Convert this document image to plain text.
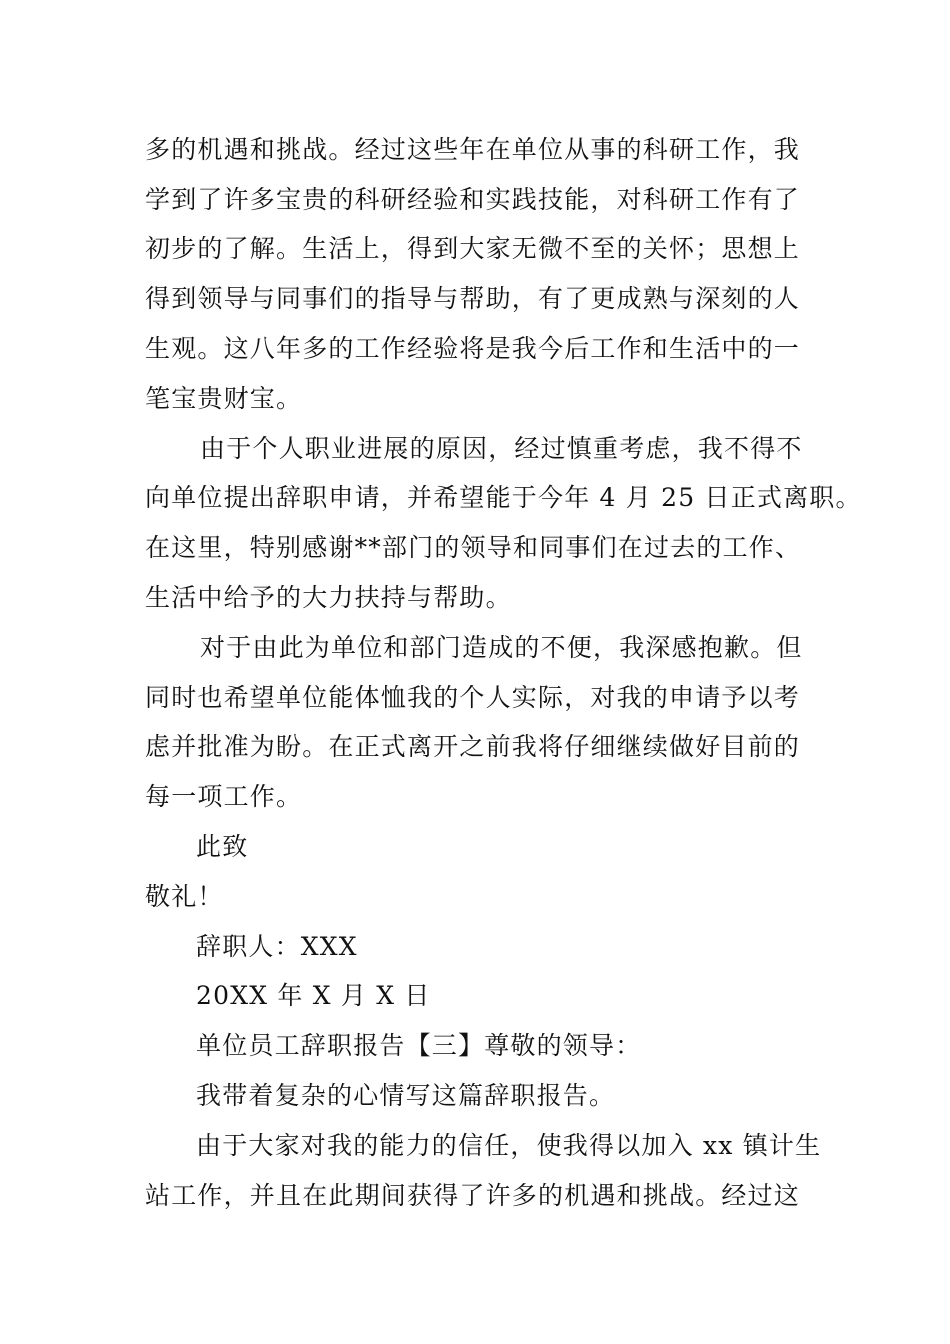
多的机遇和挑战。经过这些年在单位从事的科研工作，我

学到了许多宝贵的科研经验和实践技能，对科研工作有了

初步的了解。生活上，得到大家无微不至的关怀；思想上

得到领导与同事们的指导与帮助，有了更成熟与深刻的人

生观。这八年多的工作经验将是我今后工作和生活中的一

笔宝贵财宝。

由于个人职业进展的原因，经过慎重考虑，我不得不

向单位提出辞职申请，并希望能于今年 4 月 25 日正式离职。

在这里，特别感谢**部门的领导和同事们在过去的工作、

生活中给予的大力扶持与帮助。

对于由此为单位和部门造成的不便，我深感抱歉。但

同时也希望单位能体恤我的个人实际，对我的申请予以考

虑并批准为盼。在正式离开之前我将仔细继续做好目前的

每一项工作。

此致

敬礼！

辞职人：XXX

20XX 年 X 月 X 日

单位员工辞职报告【三】尊敬的领导：

我带着复杂的心情写这篇辞职报告。

由于大家对我的能力的信任，使我得以加入 xx 镇计生

站工作，并且在此期间获得了许多的机遇和挑战。经过这
